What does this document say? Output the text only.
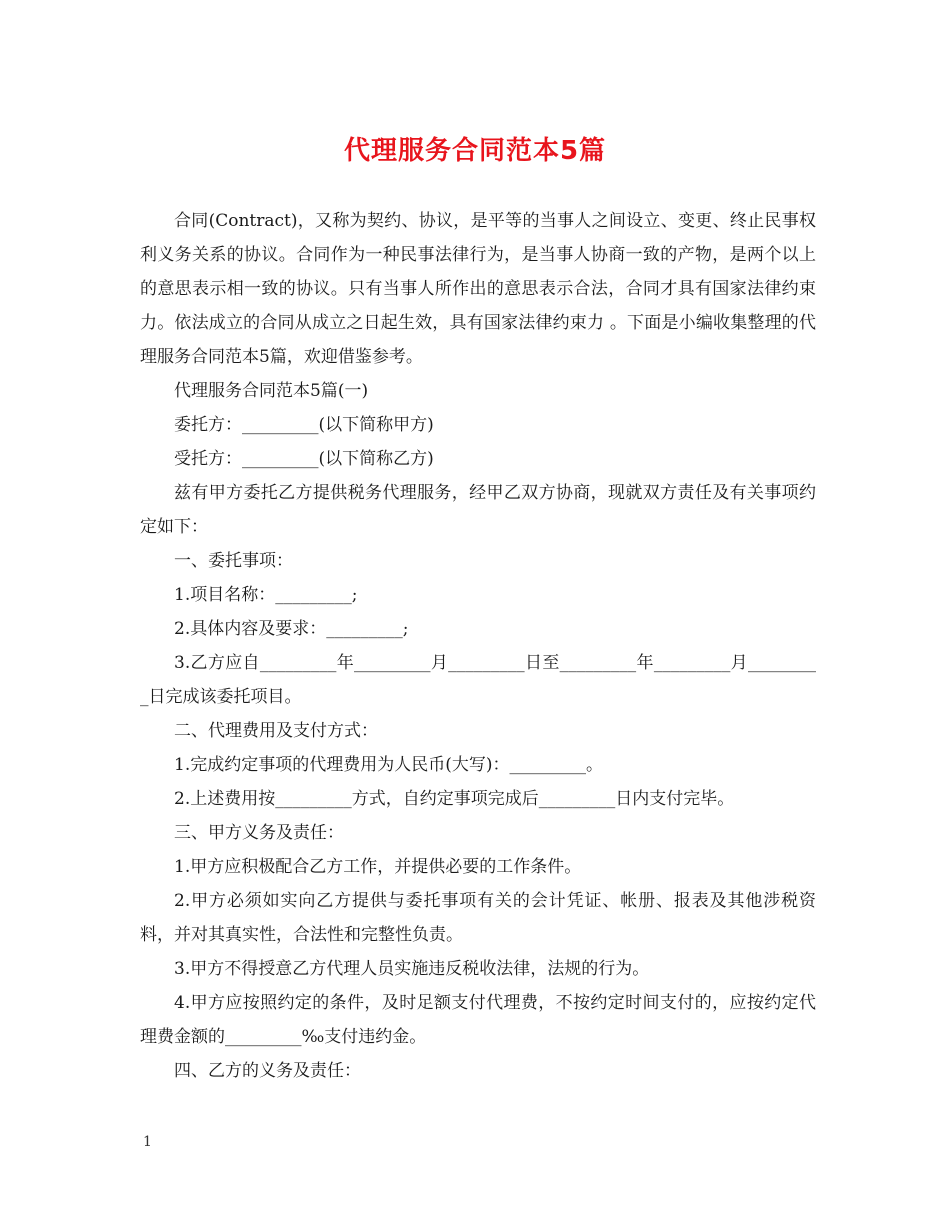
代理服务合同范本5篇

合同(Contract)，又称为契约、协议，是平等的当事人之间设立、变更、终止民事权利义务关系的协议。合同作为一种民事法律行为，是当事人协商一致的产物，是两个以上的意思表示相一致的协议。只有当事人所作出的意思表示合法，合同才具有国家法律约束力。依法成立的合同从成立之日起生效，具有国家法律约束力 。下面是小编收集整理的代理服务合同范本5篇，欢迎借鉴参考。

代理服务合同范本5篇(一)

委托方：_________(以下简称甲方)

受托方：_________(以下简称乙方)

兹有甲方委托乙方提供税务代理服务，经甲乙双方协商，现就双方责任及有关事项约定如下：

一、委托事项：

1.项目名称：_________;

2.具体内容及要求：_________;

3.乙方应自_________年_________月_________日至_________年_________月_________日完成该委托项目。

二、代理费用及支付方式：

1.完成约定事项的代理费用为人民币(大写)：_________。

2.上述费用按_________方式，自约定事项完成后_________日内支付完毕。

三、甲方义务及责任：

1.甲方应积极配合乙方工作，并提供必要的工作条件。

2.甲方必须如实向乙方提供与委托事项有关的会计凭证、帐册、报表及其他涉税资料，并对其真实性，合法性和完整性负责。

3.甲方不得授意乙方代理人员实施违反税收法律，法规的行为。

4.甲方应按照约定的条件，及时足额支付代理费，不按约定时间支付的，应按约定代理费金额的_________‰支付违约金。

四、乙方的义务及责任：

1
